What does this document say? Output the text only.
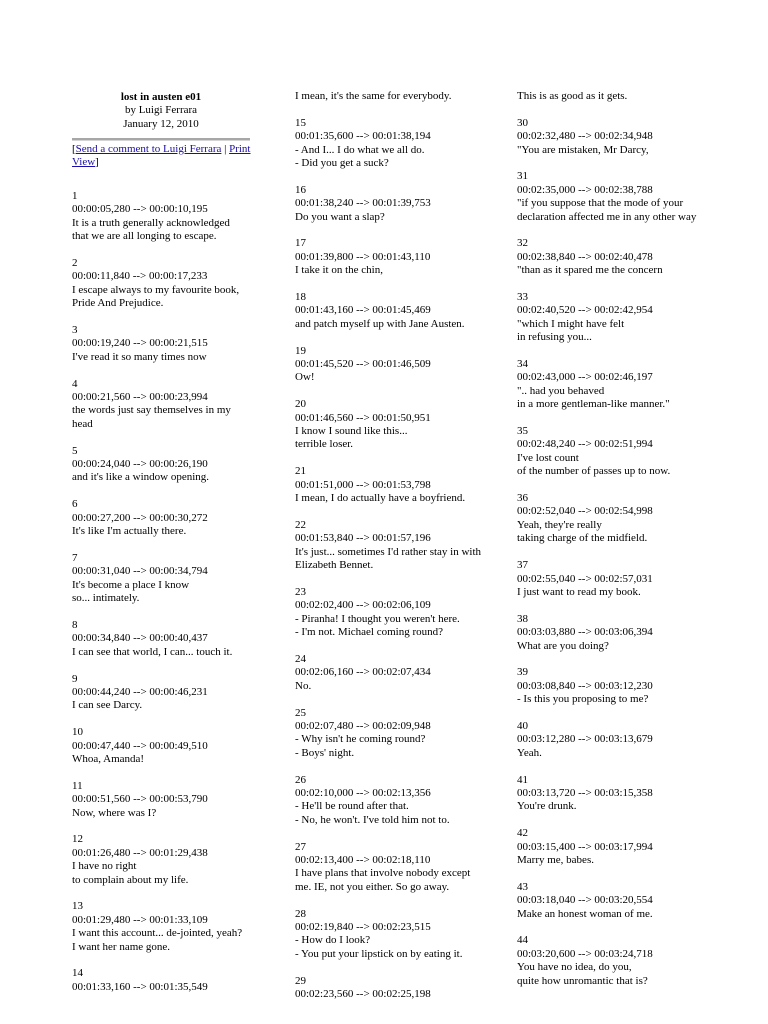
lost in austen e01
by Luigi Ferrara
January 12, 2010
[Send a comment to Luigi Ferrara | Print View]
1
00:00:05,280 --> 00:00:10,195
It is a truth generally acknowledged
that we are all longing to escape.
2
00:00:11,840 --> 00:00:17,233
I escape always to my favourite book,
Pride And Prejudice.
3
00:00:19,240 --> 00:00:21,515
I've read it so many times now
4
00:00:21,560 --> 00:00:23,994
the words just say themselves in my head
5
00:00:24,040 --> 00:00:26,190
and it's like a window opening.
6
00:00:27,200 --> 00:00:30,272
It's like I'm actually there.
7
00:00:31,040 --> 00:00:34,794
It's become a place I know
so... intimately.
8
00:00:34,840 --> 00:00:40,437
I can see that world, I can... touch it.
9
00:00:44,240 --> 00:00:46,231
I can see Darcy.
10
00:00:47,440 --> 00:00:49,510
Whoa, Amanda!
11
00:00:51,560 --> 00:00:53,790
Now, where was I?
12
00:01:26,480 --> 00:01:29,438
I have no right
to complain about my life.
13
00:01:29,480 --> 00:01:33,109
I want this account... de-jointed, yeah?
I want her name gone.
14
00:01:33,160 --> 00:01:35,549
I mean, it's the same for everybody.
15
00:01:35,600 --> 00:01:38,194
- And I... I do what we all do.
- Did you get a suck?
16
00:01:38,240 --> 00:01:39,753
Do you want a slap?
17
00:01:39,800 --> 00:01:43,110
I take it on the chin,
18
00:01:43,160 --> 00:01:45,469
and patch myself up with Jane Austen.
19
00:01:45,520 --> 00:01:46,509
Ow!
20
00:01:46,560 --> 00:01:50,951
I know I sound like this...
terrible loser.
21
00:01:51,000 --> 00:01:53,798
I mean, I do actually have a boyfriend.
22
00:01:53,840 --> 00:01:57,196
It's just... sometimes I'd rather stay in with Elizabeth Bennet.
23
00:02:02,400 --> 00:02:06,109
- Piranha! I thought you weren't here.
- I'm not. Michael coming round?
24
00:02:06,160 --> 00:02:07,434
No.
25
00:02:07,480 --> 00:02:09,948
- Why isn't he coming round?
- Boys' night.
26
00:02:10,000 --> 00:02:13,356
- He'll be round after that.
- No, he won't. I've told him not to.
27
00:02:13,400 --> 00:02:18,110
I have plans that involve nobody except
me. IE, not you either. So go away.
28
00:02:19,840 --> 00:02:23,515
- How do I look?
- You put your lipstick on by eating it.
29
00:02:23,560 --> 00:02:25,198
This is as good as it gets.
30
00:02:32,480 --> 00:02:34,948
"You are mistaken, Mr Darcy,
31
00:02:35,000 --> 00:02:38,788
"if you suppose that the mode of your declaration affected me in any other way
32
00:02:38,840 --> 00:02:40,478
"than as it spared me the concern
33
00:02:40,520 --> 00:02:42,954
"which I might have felt
in refusing you...
34
00:02:43,000 --> 00:02:46,197
".. had you behaved
in a more gentleman-like manner."
35
00:02:48,240 --> 00:02:51,994
I've lost count
of the number of passes up to now.
36
00:02:52,040 --> 00:02:54,998
Yeah, they're really
taking charge of the midfield.
37
00:02:55,040 --> 00:02:57,031
I just want to read my book.
38
00:03:03,880 --> 00:03:06,394
What are you doing?
39
00:03:08,840 --> 00:03:12,230
- Is this you proposing to me?
40
00:03:12,280 --> 00:03:13,679
Yeah.
41
00:03:13,720 --> 00:03:15,358
You're drunk.
42
00:03:15,400 --> 00:03:17,994
Marry me, babes.
43
00:03:18,040 --> 00:03:20,554
Make an honest woman of me.
44
00:03:20,600 --> 00:03:24,718
You have no idea, do you,
quite how unromantic that is?
